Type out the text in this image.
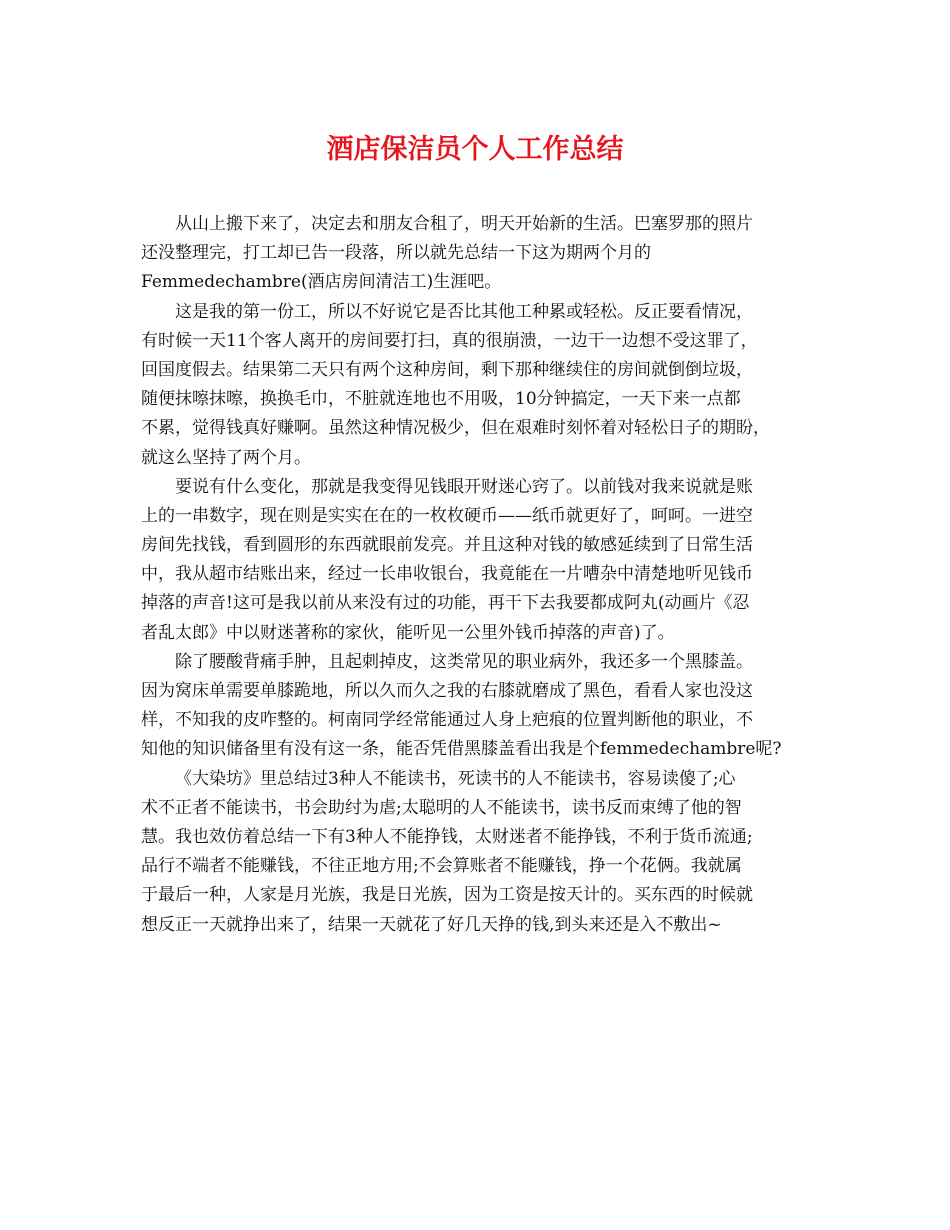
酒店保洁员个人工作总结
从山上搬下来了，决定去和朋友合租了，明天开始新的生活。巴塞罗那的照片
还没整理完，打工却已告一段落，所以就先总结一下这为期两个月的
Femmedechambre(酒店房间清洁工)生涯吧。
这是我的第一份工，所以不好说它是否比其他工种累或轻松。反正要看情况，
有时候一天11个客人离开的房间要打扫，真的很崩溃，一边干一边想不受这罪了，
回国度假去。结果第二天只有两个这种房间，剩下那种继续住的房间就倒倒垃圾，
随便抹嚓抹嚓，换换毛巾，不脏就连地也不用吸，10分钟搞定，一天下来一点都
不累，觉得钱真好赚啊。虽然这种情况极少，但在艰难时刻怀着对轻松日子的期盼，
就这么坚持了两个月。
要说有什么变化，那就是我变得见钱眼开财迷心窍了。以前钱对我来说就是账
上的一串数字，现在则是实实在在的一枚枚硬币——纸币就更好了，呵呵。一进空
房间先找钱，看到圆形的东西就眼前发亮。并且这种对钱的敏感延续到了日常生活
中，我从超市结账出来，经过一长串收银台，我竟能在一片嘈杂中清楚地听见钱币
掉落的声音!这可是我以前从来没有过的功能，再干下去我要都成阿丸(动画片《忍
者乱太郎》中以财迷著称的家伙，能听见一公里外钱币掉落的声音)了。
除了腰酸背痛手肿，且起刺掉皮，这类常见的职业病外，我还多一个黑膝盖。
因为窝床单需要单膝跪地，所以久而久之我的右膝就磨成了黑色，看看人家也没这
样，不知我的皮咋整的。柯南同学经常能通过人身上疤痕的位置判断他的职业，不
知他的知识储备里有没有这一条，能否凭借黑膝盖看出我是个femmedechambre呢?
《大染坊》里总结过3种人不能读书，死读书的人不能读书，容易读傻了;心
术不正者不能读书，书会助纣为虐;太聪明的人不能读书，读书反而束缚了他的智
慧。我也效仿着总结一下有3种人不能挣钱，太财迷者不能挣钱，不利于货币流通;
品行不端者不能赚钱，不往正地方用;不会算账者不能赚钱，挣一个花俩。我就属
于最后一种，人家是月光族，我是日光族，因为工资是按天计的。买东西的时候就
想反正一天就挣出来了，结果一天就花了好几天挣的钱,到头来还是入不敷出~
